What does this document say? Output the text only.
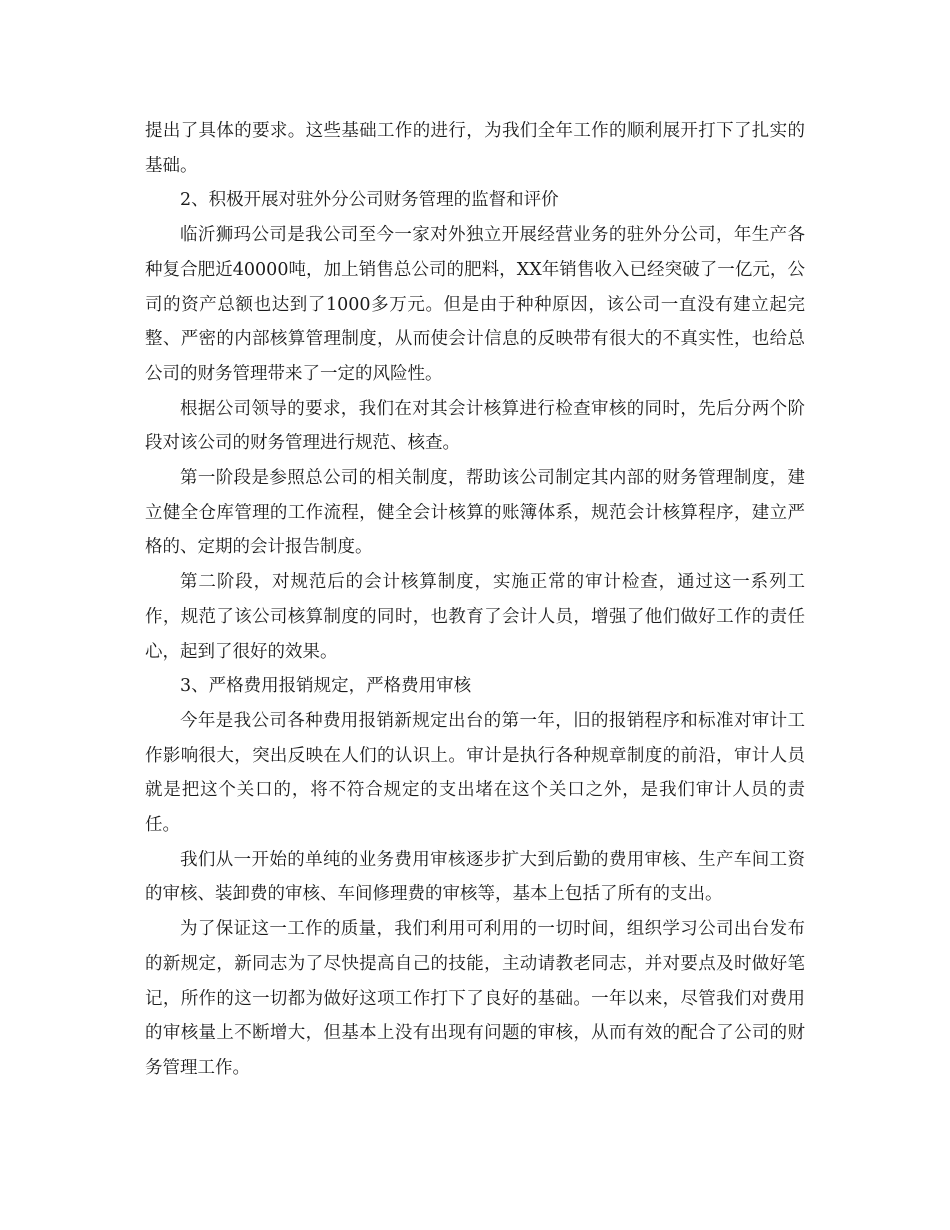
提出了具体的要求。这些基础工作的进行，为我们全年工作的顺利展开打下了扎实的基础。

2、积极开展对驻外分公司财务管理的监督和评价

临沂狮玛公司是我公司至今一家对外独立开展经营业务的驻外分公司，年生产各种复合肥近40000吨，加上销售总公司的肥料，XX年销售收入已经突破了一亿元，公司的资产总额也达到了1000多万元。但是由于种种原因，该公司一直没有建立起完整、严密的内部核算管理制度，从而使会计信息的反映带有很大的不真实性，也给总公司的财务管理带来了一定的风险性。

根据公司领导的要求，我们在对其会计核算进行检查审核的同时，先后分两个阶段对该公司的财务管理进行规范、核查。

第一阶段是参照总公司的相关制度，帮助该公司制定其内部的财务管理制度，建立健全仓库管理的工作流程，健全会计核算的账簿体系，规范会计核算程序，建立严格的、定期的会计报告制度。

第二阶段，对规范后的会计核算制度，实施正常的审计检查，通过这一系列工作，规范了该公司核算制度的同时，也教育了会计人员，增强了他们做好工作的责任心，起到了很好的效果。

3、严格费用报销规定，严格费用审核

今年是我公司各种费用报销新规定出台的第一年，旧的报销程序和标准对审计工作影响很大，突出反映在人们的认识上。审计是执行各种规章制度的前沿，审计人员就是把这个关口的，将不符合规定的支出堵在这个关口之外，是我们审计人员的责任。

我们从一开始的单纯的业务费用审核逐步扩大到后勤的费用审核、生产车间工资的审核、装卸费的审核、车间修理费的审核等，基本上包括了所有的支出。

为了保证这一工作的质量，我们利用可利用的一切时间，组织学习公司出台发布的新规定，新同志为了尽快提高自己的技能，主动请教老同志，并对要点及时做好笔记，所作的这一切都为做好这项工作打下了良好的基础。一年以来，尽管我们对费用的审核量上不断增大，但基本上没有出现有问题的审核，从而有效的配合了公司的财务管理工作。
